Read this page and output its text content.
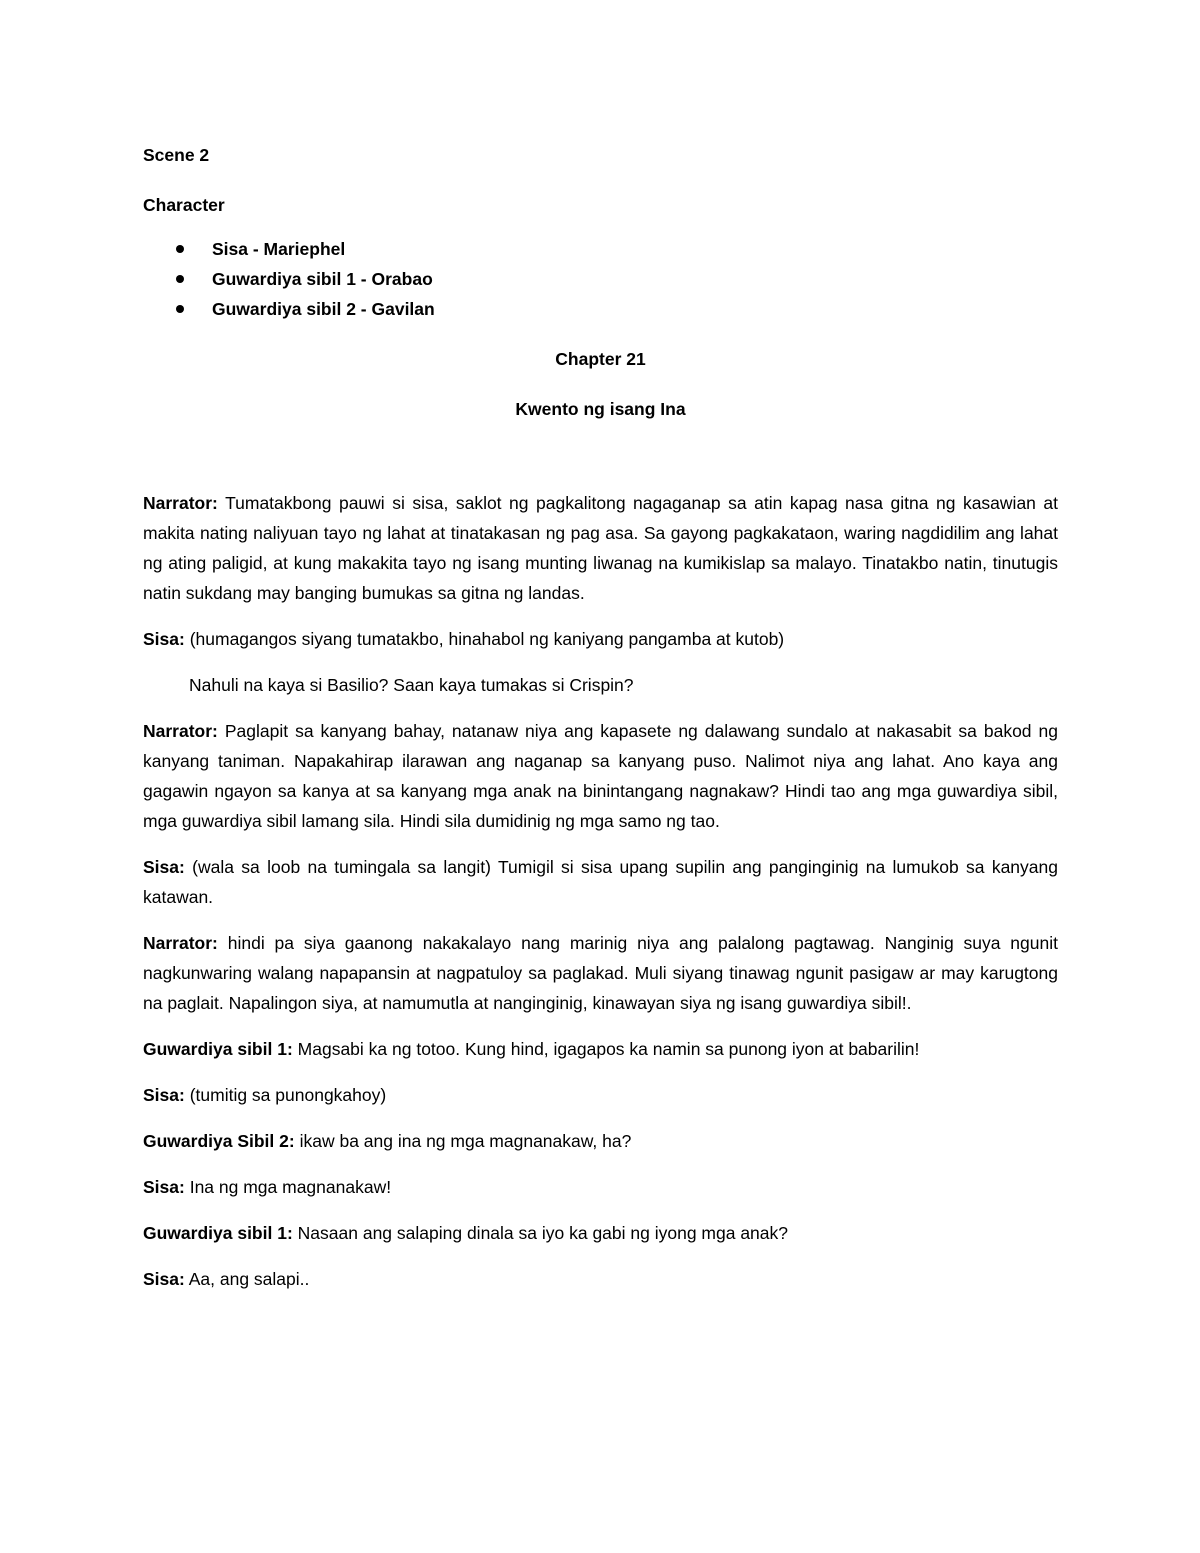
Scene 2
Character
Sisa - Mariephel
Guwardiya sibil 1 - Orabao
Guwardiya sibil 2 - Gavilan
Chapter 21
Kwento ng isang Ina

Narrator: Tumatakbong pauwi si sisa, saklot ng pagkalitong nagaganap sa atin kapag nasa gitna ng kasawian at makita nating naliyuan tayo ng lahat at tinatakasan ng pag asa. Sa gayong pagkakataon, waring nagdidilim ang lahat ng ating paligid, at kung makakita tayo ng isang munting liwanag na kumikislap sa malayo. Tinatakbo natin, tinutugis natin sukdang may banging bumukas sa gitna ng landas.

Sisa: (humagangos siyang tumatakbo, hinahabol ng kaniyang pangamba at kutob)

Nahuli na kaya si Basilio? Saan kaya tumakas si Crispin?

Narrator: Paglapit sa kanyang bahay, natanaw niya ang kapasete ng dalawang sundalo at nakasabit sa bakod ng kanyang taniman. Napakahirap ilarawan ang naganap sa kanyang puso. Nalimot niya ang lahat. Ano kaya ang gagawin ngayon sa kanya at sa kanyang mga anak na binintangang nagnakaw? Hindi tao ang mga guwardiya sibil, mga guwardiya sibil lamang sila. Hindi sila dumidinig ng mga samo ng tao.

Sisa: (wala sa loob na tumingala sa langit) Tumigil si sisa upang supilin ang panginginig na lumukob sa kanyang katawan.

Narrator: hindi pa siya gaanong nakakalayo nang marinig niya ang palalong pagtawag. Nanginig suya ngunit nagkunwaring walang napapansin at nagpatuloy sa paglakad. Muli siyang tinawag ngunit pasigaw ar may karugtong na paglait. Napalingon siya, at namumutla at nanginginig, kinawayan siya ng isang guwardiya sibil!.

Guwardiya sibil 1: Magsabi ka ng totoo. Kung hind, igagapos ka namin sa punong iyon at babarilin!

Sisa: (tumitig sa punongkahoy)

Guwardiya Sibil 2: ikaw ba ang ina ng mga magnanakaw, ha?

Sisa: Ina ng mga magnanakaw!

Guwardiya sibil 1: Nasaan ang salaping dinala sa iyo ka gabi ng iyong mga anak?

Sisa: Aa, ang salapi..
